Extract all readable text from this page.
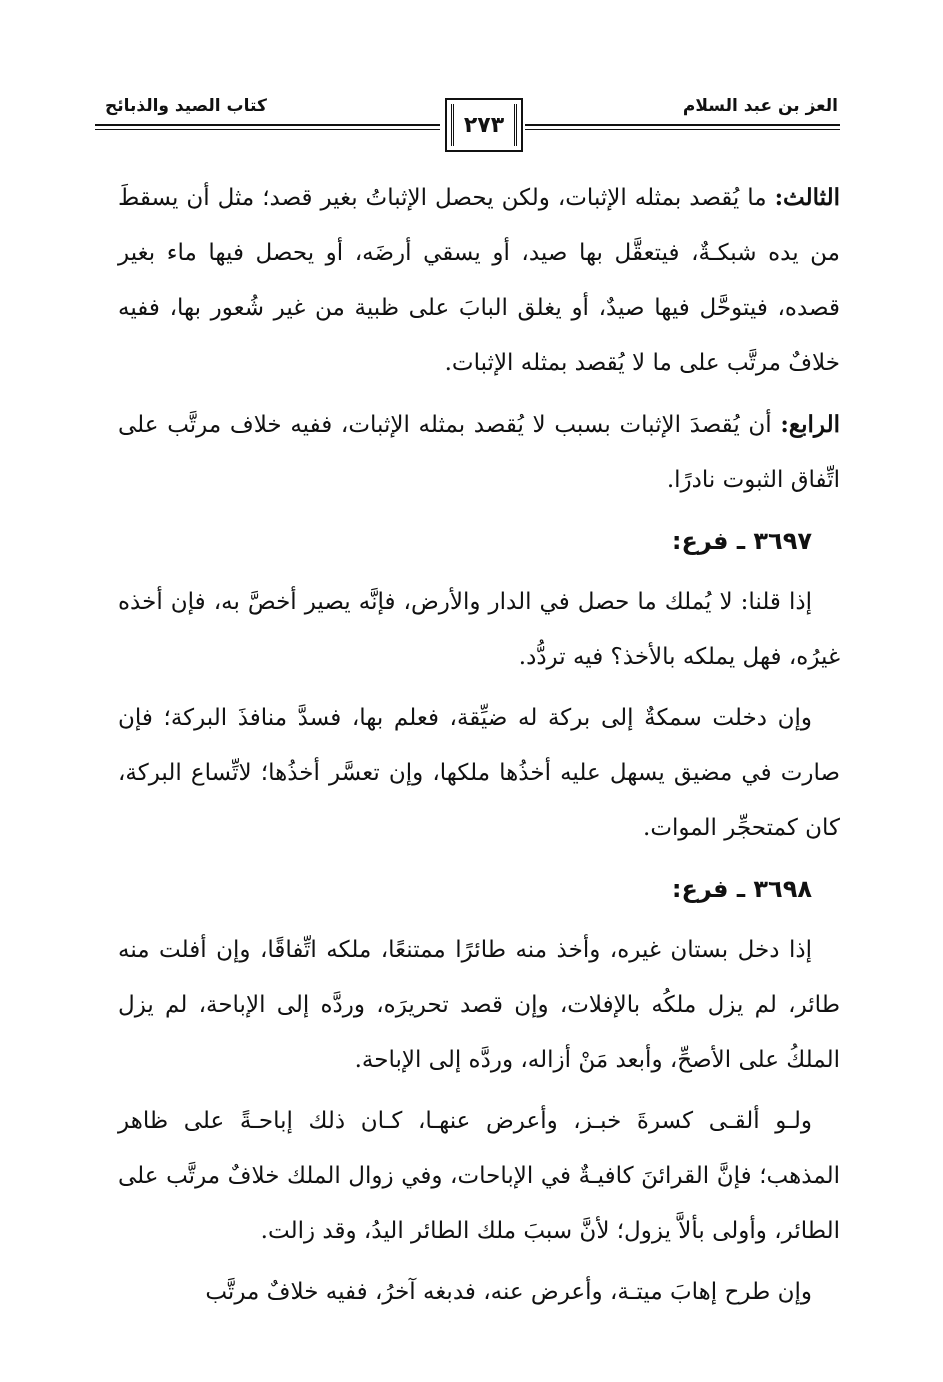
العز بن عبد السلام
٢٧٣
كتاب الصيد والذبائح

الثالث: ما يُقصد بمثله الإثبات، ولكن يحصل الإثباتُ بغير قصد؛ مثل أن يسقطَ من يده شبكـةٌ، فيتعقَّل بها صيد، أو يسقي أرضَه، أو يحصل فيها ماء بغير قصده، فيتوحَّل فيها صيدٌ، أو يغلق البابَ على ظبية من غير شُعور بها، ففيه خلافٌ مرتَّب على ما لا يُقصد بمثله الإثبات.

الرابع: أن يُقصدَ الإثبات بسبب لا يُقصد بمثله الإثبات، ففيه خلاف مرتَّب على اتِّفاق الثبوت نادرًا.

٣٦٩٧ ـ فرع:

إذا قلنا: لا يُملك ما حصل في الدار والأرض، فإنَّه يصير أخصَّ به، فإن أخذه غيرُه، فهل يملكه بالأخذ؟ فيه تردُّد.

وإن دخلت سمكةٌ إلى بركة له ضيِّقة، فعلم بها، فسدَّ منافذَ البركة؛ فإن صارت في مضيق يسهل عليه أخذُها ملكها، وإن تعسَّر أخذُها؛ لاتِّساع البركة، كان كمتحجِّر الموات.

٣٦٩٨ ـ فرع:

إذا دخل بستان غيره، وأخذ منه طائرًا ممتنعًا، ملكه اتِّفاقًا، وإن أفلت منه طائر، لم يزل ملكُه بالإفلات، وإن قصد تحريرَه، وردَّه إلى الإباحة، لم يزل الملكُ على الأصحِّ، وأبعد مَنْ أزاله، وردَّه إلى الإباحة.

ولـو ألقـى كسرةَ خبـز، وأعرض عنهـا، كـان ذلك إباحـةً على ظاهر المذهب؛ فإنَّ القرائنَ كافيـةٌ في الإباحات، وفي زوال الملك خلافٌ مرتَّب على الطائر، وأولى بألاَّ يزول؛ لأنَّ سببَ ملك الطائر اليدُ، وقد زالت.

وإن طرح إهابَ ميتـة، وأعرض عنه، فدبغه آخرُ، ففيه خلافٌ مرتَّب
